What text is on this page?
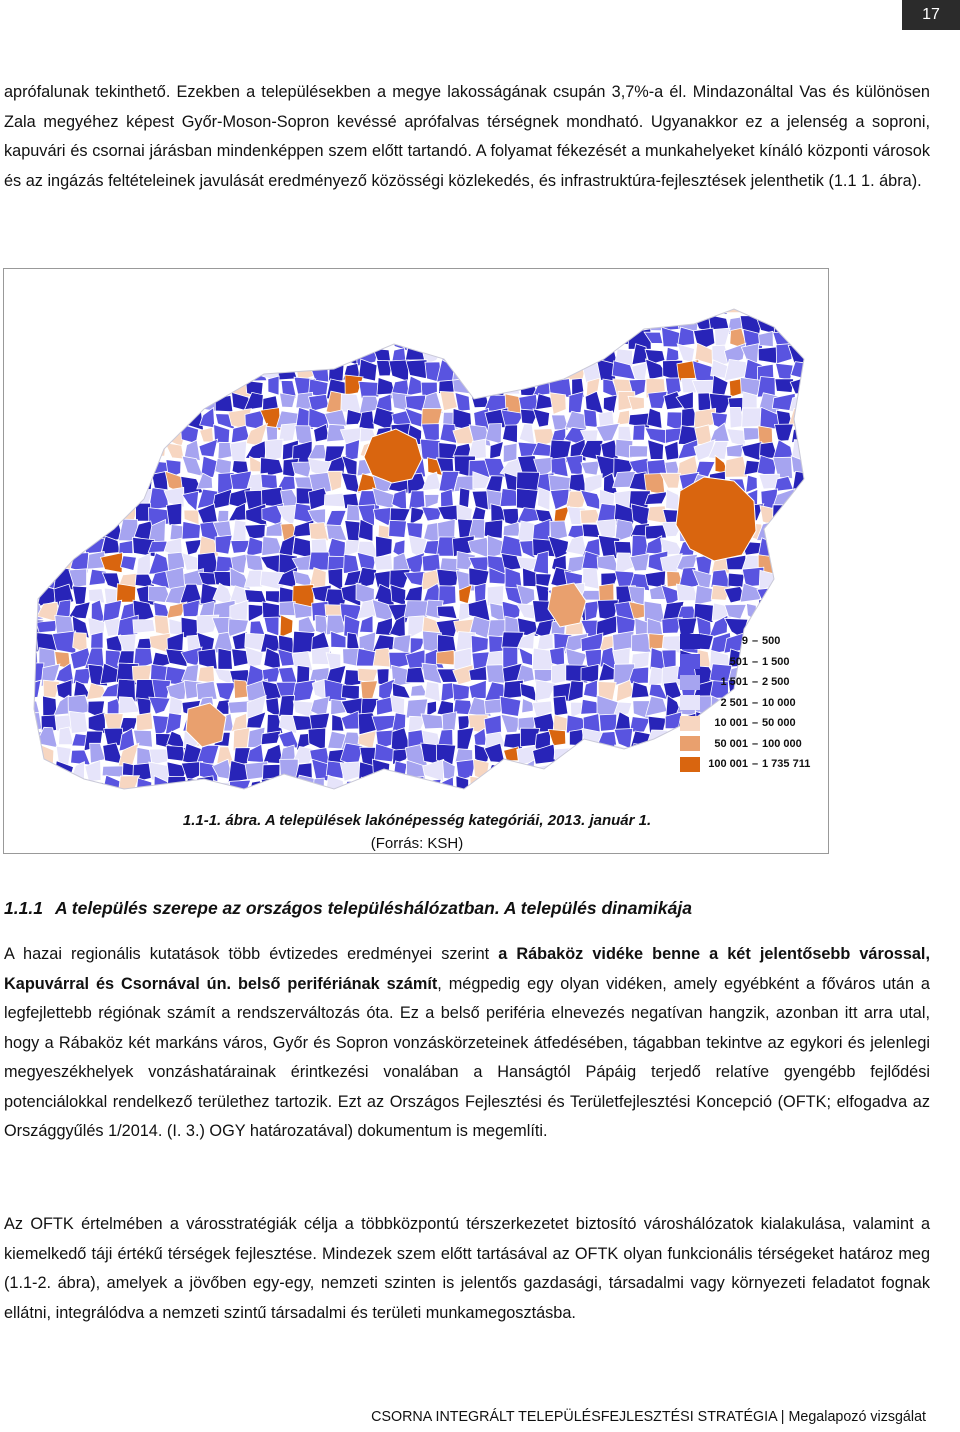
17

aprófalunak tekinthető. Ezekben a településekben a megye lakosságának csupán 3,7%-a él. Mindazonáltal Vas és különösen Zala megyéhez képest Győr-Moson-Sopron kevéssé aprófalvas térségnek mondható. Ugyanakkor ez a jelenség a soproni, kapuvári és csornai járásban mindenképpen szem előtt tartandó. A folyamat fékezését a munkahelyeket kínáló központi városok és az ingázás feltételeinek javulását eredményező közösségi közlekedés, és infrastruktúra-fejlesztések jelenthetik (1.1 1. ábra).

9 – 500
501 – 1 500
1 501 – 2 500
2 501 – 10 000
10 001 – 50 000
50 001 – 100 000
100 001 – 1 735 711

1.1-1. ábra. A települések lakónépesség kategóriái, 2013. január 1.

(Forrás: KSH)

1.1.1 A település szerepe az országos településhálózatban. A település dinamikája

A hazai regionális kutatások több évtizedes eredményei szerint a Rábaköz vidéke benne a két jelentősebb várossal, Kapuvárral és Csornával ún. belső perifériának számít, mégpedig egy olyan vidéken, amely egyébként a főváros után a legfejlettebb régiónak számít a rendszerváltozás óta. Ez a belső periféria elnevezés negatívan hangzik, azonban itt arra utal, hogy a Rábaköz két markáns város, Győr és Sopron vonzáskörzeteinek átfedésében, tágabban tekintve az egykori és jelenlegi megyeszékhelyek vonzáshatárainak érintkezési vonalában a Hanságtól Pápáig terjedő relatíve gyengébb fejlődési potenciálokkal rendelkező területhez tartozik. Ezt az Országos Fejlesztési és Területfejlesztési Koncepció (OFTK; elfogadva az Országgyűlés 1/2014. (I. 3.) OGY határozatával) dokumentum is megemlíti.

Az OFTK értelmében a városstratégiák célja a többközpontú térszerkezetet biztosító városhálózatok kialakulása, valamint a kiemelkedő táji értékű térségek fejlesztése. Mindezek szem előtt tartásával az OFTK olyan funkcionális térségeket határoz meg (1.1-2. ábra), amelyek a jövőben egy-egy, nemzeti szinten is jelentős gazdasági, társadalmi vagy környezeti feladatot fognak ellátni, integrálódva a nemzeti szintű társadalmi és területi munkamegosztásba.

CSORNA INTEGRÁLT TELEPÜLÉSFEJLESZTÉSI STRATÉGIA | Megalapozó vizsgálat
